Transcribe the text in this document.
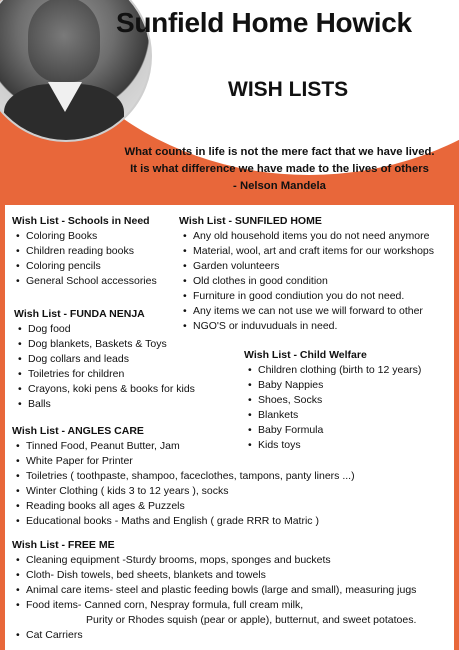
Sunfield Home Howick
WISH LISTS

What counts in life is not the mere fact that we have lived.
It is what difference we have made to the lives of others
- Nelson Mandela

Wish List - Schools in Need
• Coloring Books
• Children reading books
• Coloring pencils
• General School accessories
Wish List - SUNFILED HOME
• Any old household items you do not need anymore
• Material, wool, art and craft items for our workshops
• Garden volunteers
• Old clothes in good condition
• Furniture in good condiution you do not need.
• Any items we can not use we will forward to other
• NGO'S or induvuduals in need.
Wish List - FUNDA NENJA
• Dog food
• Dog blankets, Baskets & Toys
• Dog collars and leads
• Toiletries for children
• Crayons, koki pens & books for kids
• Balls
Wish List - Child Welfare
• Children clothing (birth to 12 years)
• Baby Nappies
• Shoes, Socks
• Blankets
• Baby Formula
• Kids toys
Wish List - ANGLES CARE
• Tinned Food, Peanut Butter, Jam
• White Paper for Printer
• Toiletries ( toothpaste, shampoo, faceclothes, tampons, panty liners ...)
• Winter Clothing ( kids 3 to 12 years ), socks
• Reading books all ages & Puzzels
• Educational books - Maths and English ( grade RRR to Matric )
Wish List - FREE ME
• Cleaning equipment -Sturdy brooms, mops, sponges and buckets
• Cloth- Dish towels, bed sheets, blankets and towels
• Animal care items- steel and plastic feeding bowls (large and small), measuring jugs
• Food items- Canned corn, Nespray formula, full cream milk,
Purity or Rhodes squish (pear or apple), butternut, and sweet potatoes.
• Cat Carriers
